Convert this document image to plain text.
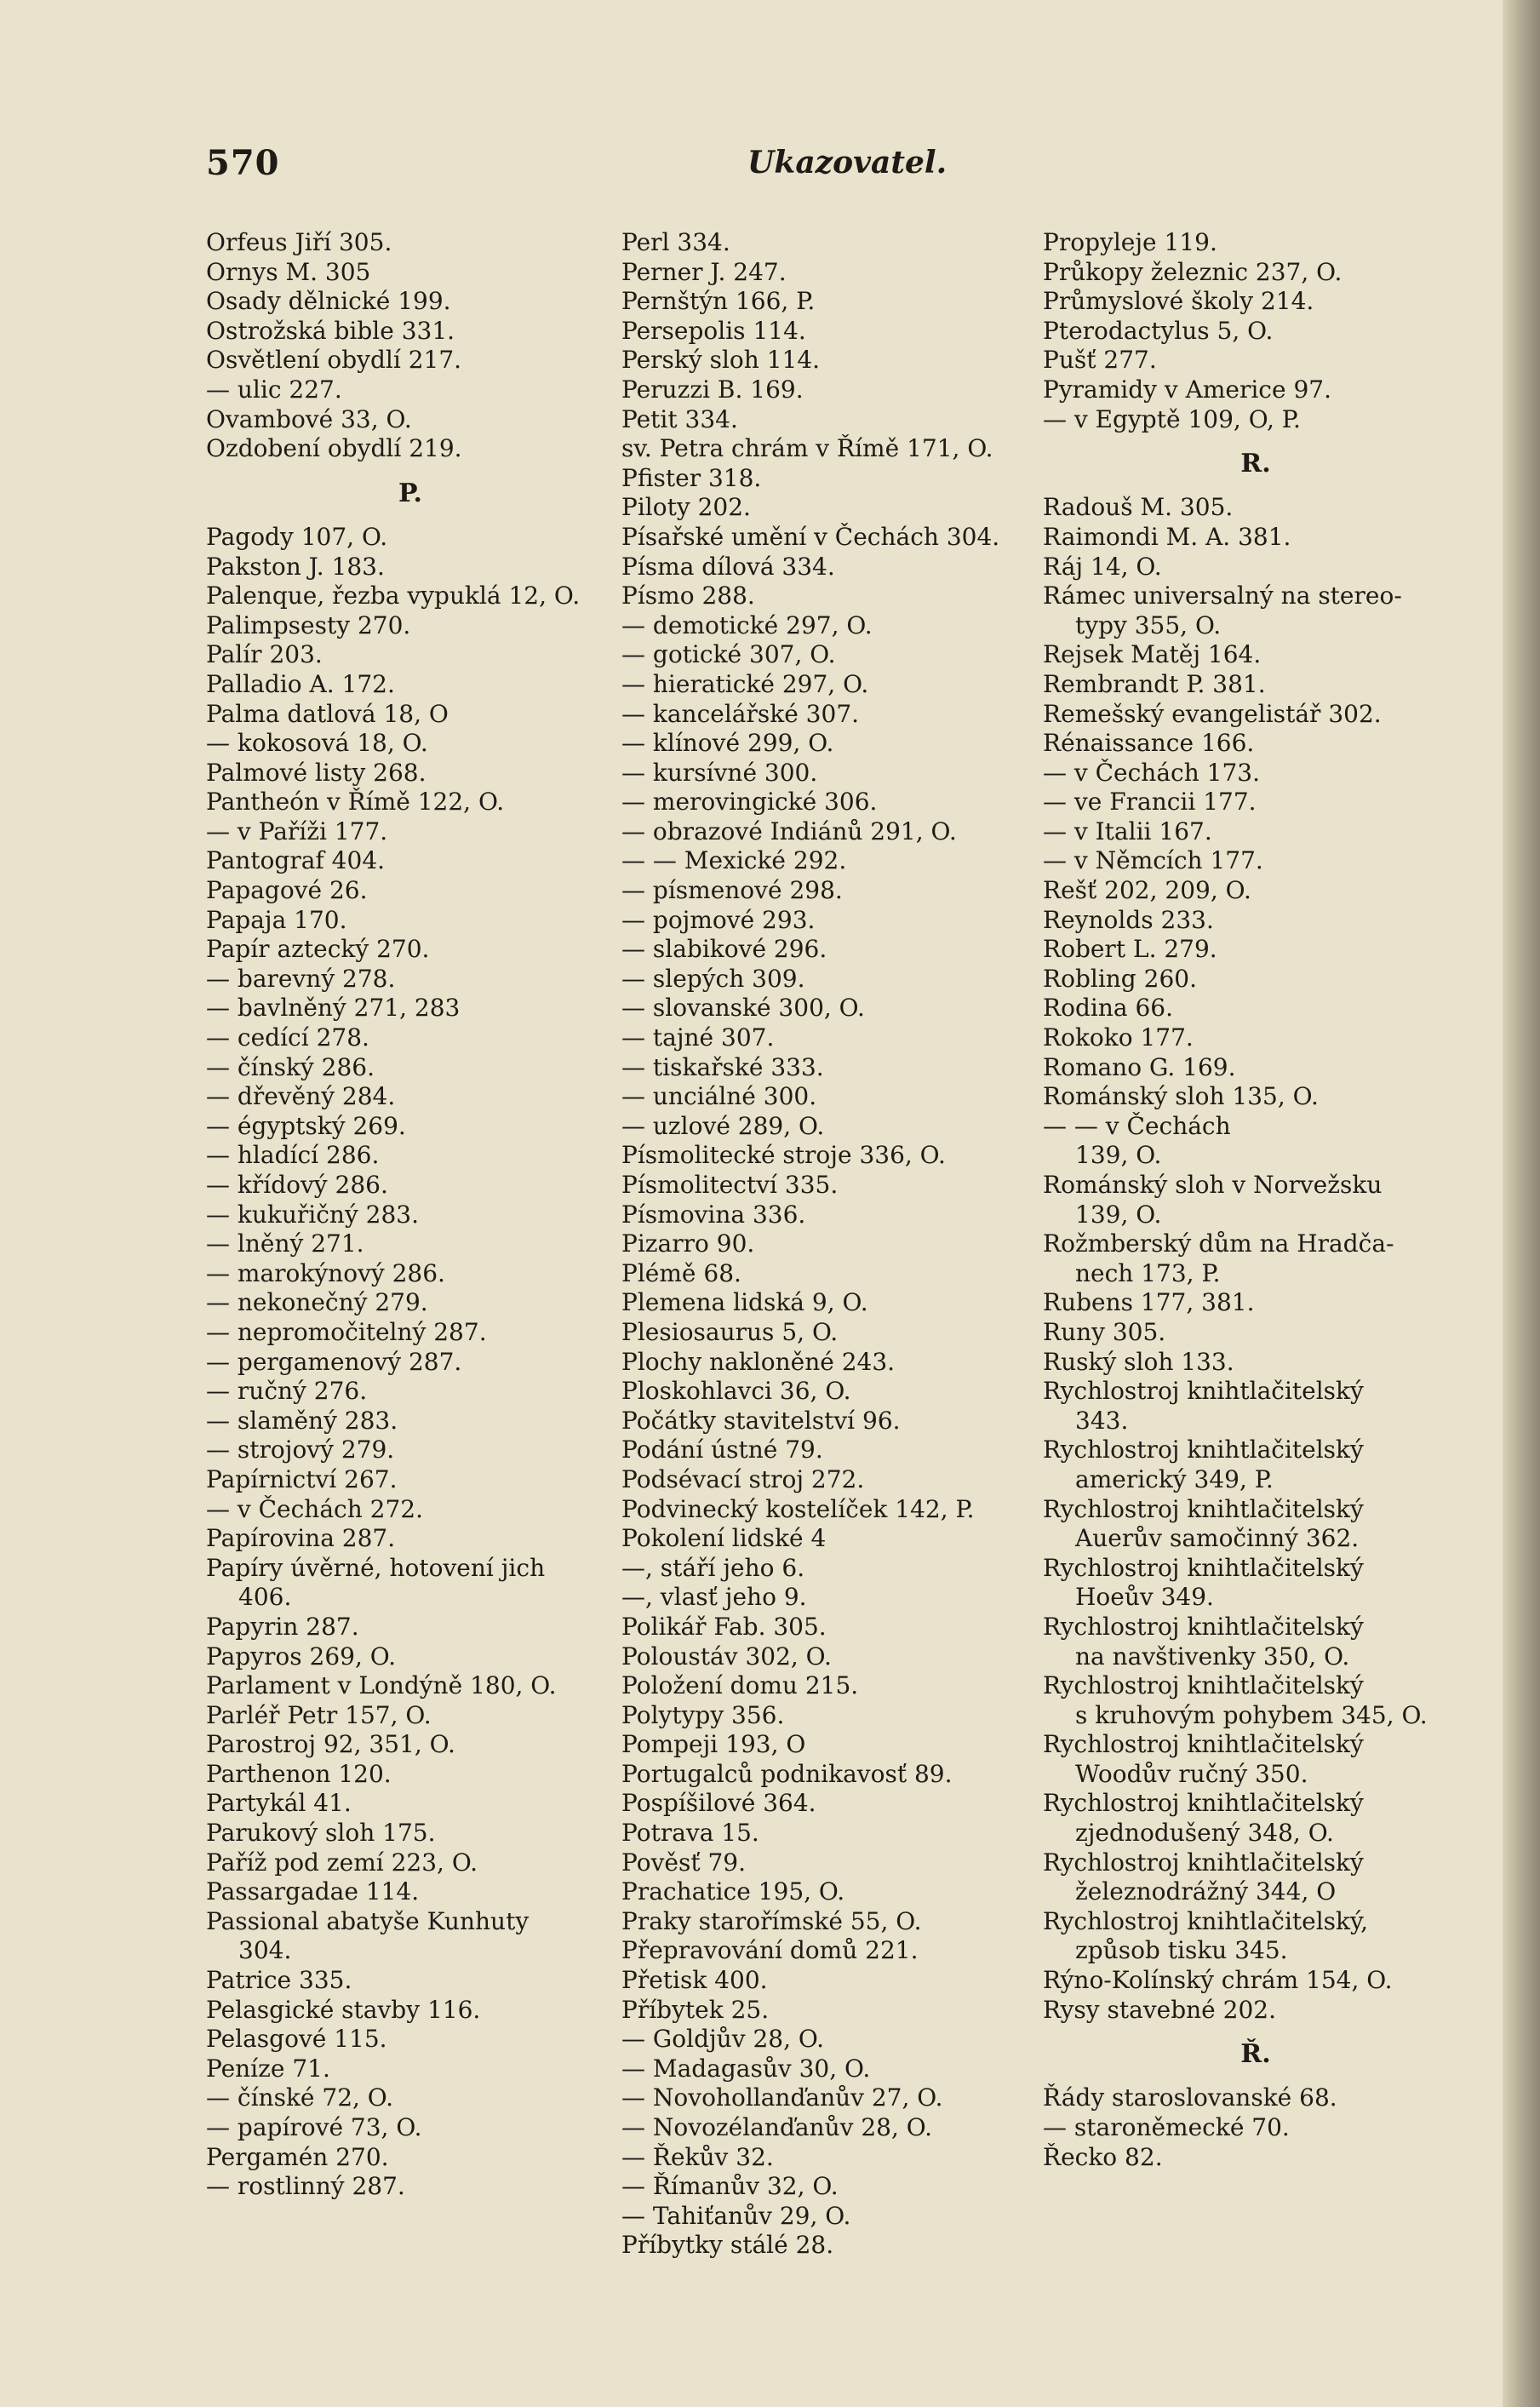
570	Ukazovatel.
Orfeus Jiří 305.
Ornys M. 305
Osady dělnické 199.
Ostrožská bible 331.
Osvětlení obydlí 217.
— ulic 227.
Ovambové 33, O.
Ozdobení obydlí 219.
P.
Pagody 107, O.
Pakston J. 183.
Palenque, řezba vypuklá 12, O.
Palimpsesty 270.
Palír 203.
Palladio A. 172.
Palma datlová 18, O
— kokosová 18, O.
Palmové listy 268.
Pantheón v Římě 122, O.
— v Paříži 177.
Pantograf 404.
Papagové 26.
Papaja 170.
Papír aztecký 270.
— barevný 278.
— bavlněný 271, 283
— cedící 278.
— čínský 286.
— dřevěný 284.
— égyptský 269.
— hladící 286.
— křídový 286.
— kukuřičný 283.
— lněný 271.
— marokýnový 286.
— nekonečný 279.
— nepromočitelný 287.
— pergamenový 287.
— ručný 276.
— slaměný 283.
— strojový 279.
Papírnictví 267.
— v Čechách 272.
Papírovina 287.
Papíry úvěrné, hotovení jich
406.
Papyrin 287.
Papyros 269, O.
Parlament v Londýně 180, O.
Parléř Petr 157, O.
Parostroj 92, 351, O.
Parthenon 120.
Partykál 41.
Parukový sloh 175.
Paříž pod zemí 223, O.
Passargadae 114.
Passional abatyše Kunhuty
304.
Patrice 335.
Pelasgické stavby 116.
Pelasgové 115.
Peníze 71.
— čínské 72, O.
— papírové 73, O.
Pergamén 270.
— rostlinný 287.
Perl 334.
Perner J. 247.
Pernštýn 166, P.
Persepolis 114.
Perský sloh 114.
Peruzzi B. 169.
Petit 334.
sv. Petra chrám v Římě 171, O.
Pfister 318.
Piloty 202.
Písařské umění v Čechách 304.
Písma dílová 334.
Písmo 288.
— demotické 297, O.
— gotické 307, O.
— hieratické 297, O.
— kancelářské 307.
— klínové 299, O.
— kursívné 300.
— merovingické 306.
— obrazové Indiánů 291, O.
— — Mexické 292.
— písmenové 298.
— pojmové 293.
— slabikové 296.
— slepých 309.
— slovanské 300, O.
— tajné 307.
— tiskařské 333.
— unciálné 300.
— uzlové 289, O.
Písmolitecké stroje 336, O.
Písmolitectví 335.
Písmovina 336.
Pizarro 90.
Plémě 68.
Plemena lidská 9, O.
Plesiosaurus 5, O.
Plochy nakloněné 243.
Ploskohlavci 36, O.
Počátky stavitelství 96.
Podání ústné 79.
Podsévací stroj 272.
Podvinecký kostelíček 142, P.
Pokolení lidské 4
—, stáří jeho 6.
—, vlasť jeho 9.
Polikář Fab. 305.
Poloustáv 302, O.
Položení domu 215.
Polytypy 356.
Pompeji 193, O
Portugalců podnikavosť 89.
Pospíšilové 364.
Potrava 15.
Pověsť 79.
Prachatice 195, O.
Praky starořímské 55, O.
Přepravování domů 221.
Přetisk 400.
Příbytek 25.
— Goldjův 28, O.
— Madagasův 30, O.
— Novohollanďanův 27, O.
— Novozélanďanův 28, O.
— Řekův 32.
— Římanův 32, O.
— Tahiťanův 29, O.
Příbytky stálé 28.
Propyleje 119.
Průkopy železnic 237, O.
Průmyslové školy 214.
Pterodactylus 5, O.
Pušť 277.
Pyramidy v Americe 97.
— v Egyptě 109, O, P.
R.
Radouš M. 305.
Raimondi M. A. 381.
Ráj 14, O.
Rámec universalný na stereo-
typy 355, O.
Rejsek Matěj 164.
Rembrandt P. 381.
Remešský evangelistář 302.
Rénaissance 166.
— v Čechách 173.
— ve Francii 177.
— v Italii 167.
— v Němcích 177.
Rešť 202, 209, O.
Reynolds 233.
Robert L. 279.
Robling 260.
Rodina 66.
Rokoko 177.
Romano G. 169.
Románský sloh 135, O.
— — v Čechách
139, O.
Románský sloh v Norvežsku
139, O.
Rožmberský dům na Hradča-
nech 173, P.
Rubens 177, 381.
Runy 305.
Ruský sloh 133.
Rychlostroj knihtlačitelský
343.
Rychlostroj knihtlačitelský
americký 349, P.
Rychlostroj knihtlačitelský
Auerův samočinný 362.
Rychlostroj knihtlačitelský
Hoeův 349.
Rychlostroj knihtlačitelský
na navštivenky 350, O.
Rychlostroj knihtlačitelský
s kruhovým pohybem 345, O.
Rychlostroj knihtlačitelský
Woodův ručný 350.
Rychlostroj knihtlačitelský
zjednodušený 348, O.
Rychlostroj knihtlačitelský
železnodrážný 344, O
Rychlostroj knihtlačitelský,
způsob tisku 345.
Rýno-Kolínský chrám 154, O.
Rysy stavebné 202.
Ř.
Řády staroslovanské 68.
— staroněmecké 70.
Řecko 82.
